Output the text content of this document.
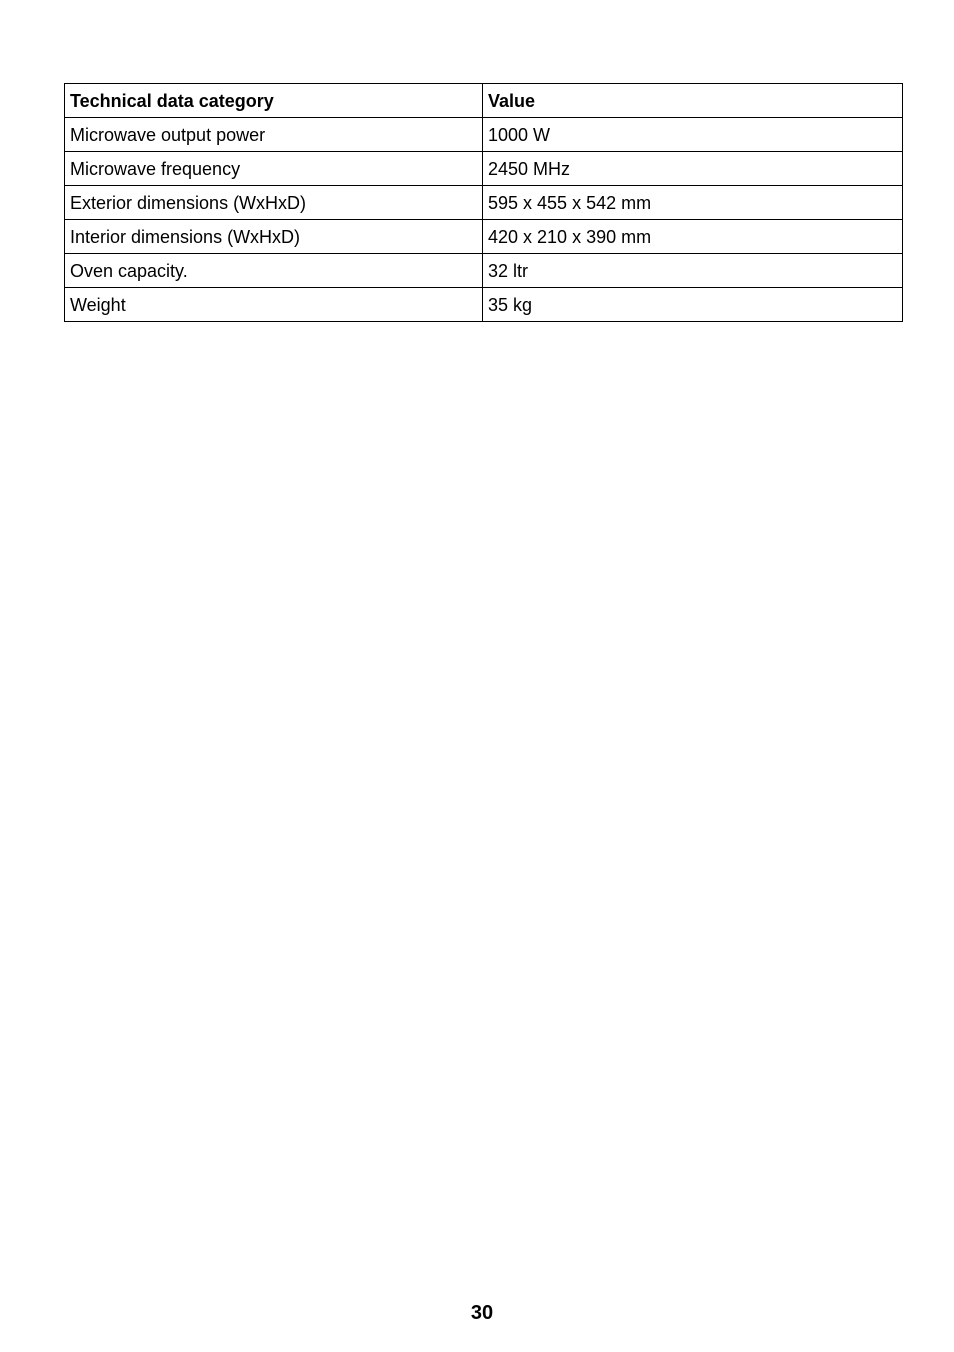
Technical data category	Value
Microwave output power	1000 W
Microwave frequency	2450 MHz
Exterior dimensions (WxHxD)	595 x 455 x 542 mm
Interior dimensions (WxHxD)	420 x 210 x 390 mm
Oven capacity.	32 ltr
Weight	35 kg
30
